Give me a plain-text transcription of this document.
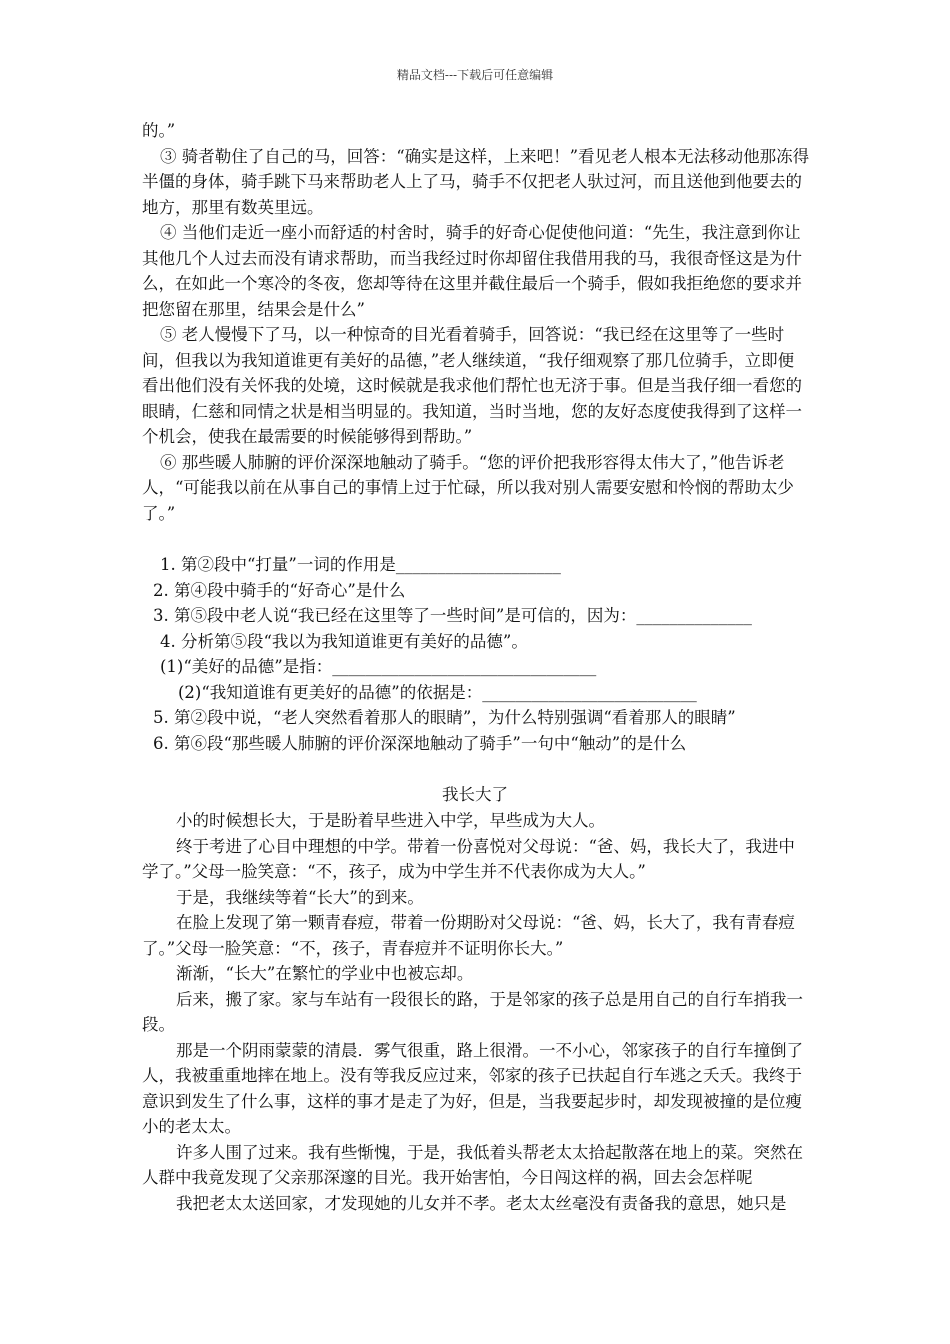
精品文档---下载后可任意编辑

的。”

③ 骑者勒住了自己的马，回答：“确实是这样，上来吧！”看见老人根本无法移动他那冻得半僵的身体，骑手跳下马来帮助老人上了马，骑手不仅把老人驮过河，而且送他到他要去的地方，那里有数英里远。

④ 当他们走近一座小而舒适的村舍时，骑手的好奇心促使他问道：“先生，我注意到你让其他几个人过去而没有请求帮助，而当我经过时你却留住我借用我的马，我很奇怪这是为什么，在如此一个寒冷的冬夜，您却等待在这里并截住最后一个骑手，假如我拒绝您的要求并把您留在那里，结果会是什么”

⑤ 老人慢慢下了马，以一种惊奇的目光看着骑手，回答说：“我已经在这里等了一些时间，但我以为我知道谁更有美好的品德，”老人继续道，“我仔细观察了那几位骑手，立即便看出他们没有关怀我的处境，这时候就是我求他们帮忙也无济于事。但是当我仔细一看您的眼睛，仁慈和同情之状是相当明显的。我知道，当时当地，您的友好态度使我得到了这样一个机会，使我在最需要的时候能够得到帮助。”

⑥ 那些暖人肺腑的评价深深地触动了骑手。“您的评价把我形容得太伟大了，”他告诉老人，“可能我以前在从事自己的事情上过于忙碌，所以我对别人需要安慰和怜悯的帮助太少了。”

1. 第②段中“打量”一词的作用是____________________
2. 第④段中骑手的“好奇心”是什么
3. 第⑤段中老人说“我已经在这里等了一些时间”是可信的，因为：______________
4. 分析第⑤段“我以为我知道谁更有美好的品德”。
(1)“美好的品德”是指：________________________________
(2)“我知道谁有更美好的品德”的依据是：__________________________
5. 第②段中说，“老人突然看着那人的眼睛”，为什么特别强调“看着那人的眼睛”
6. 第⑥段“那些暖人肺腑的评价深深地触动了骑手”一句中“触动”的是什么
我长大了

小的时候想长大，于是盼着早些进入中学，早些成为大人。

终于考进了心目中理想的中学。带着一份喜悦对父母说：“爸、妈，我长大了，我进中学了。”父母一脸笑意：“不，孩子，成为中学生并不代表你成为大人。”

于是，我继续等着“长大”的到来。

在脸上发现了第一颗青春痘，带着一份期盼对父母说：“爸、妈，长大了，我有青春痘了。”父母一脸笑意：“不，孩子，青春痘并不证明你长大。”

渐渐，“长大”在繁忙的学业中也被忘却。

后来，搬了家。家与车站有一段很长的路，于是邻家的孩子总是用自己的自行车捎我一段。

那是一个阴雨蒙蒙的清晨．雾气很重，路上很滑。一不小心，邻家孩子的自行车撞倒了人，我被重重地摔在地上。没有等我反应过来，邻家的孩子已扶起自行车逃之夭夭。我终于意识到发生了什么事，这样的事才是走了为好，但是，当我要起步时，却发现被撞的是位瘦小的老太太。

许多人围了过来。我有些惭愧，于是，我低着头帮老太太拾起散落在地上的菜。突然在人群中我竟发现了父亲那深邃的目光。我开始害怕，今日闯这样的祸，回去会怎样呢

我把老太太送回家，才发现她的儿女并不孝。老太太丝毫没有责备我的意思，她只是
